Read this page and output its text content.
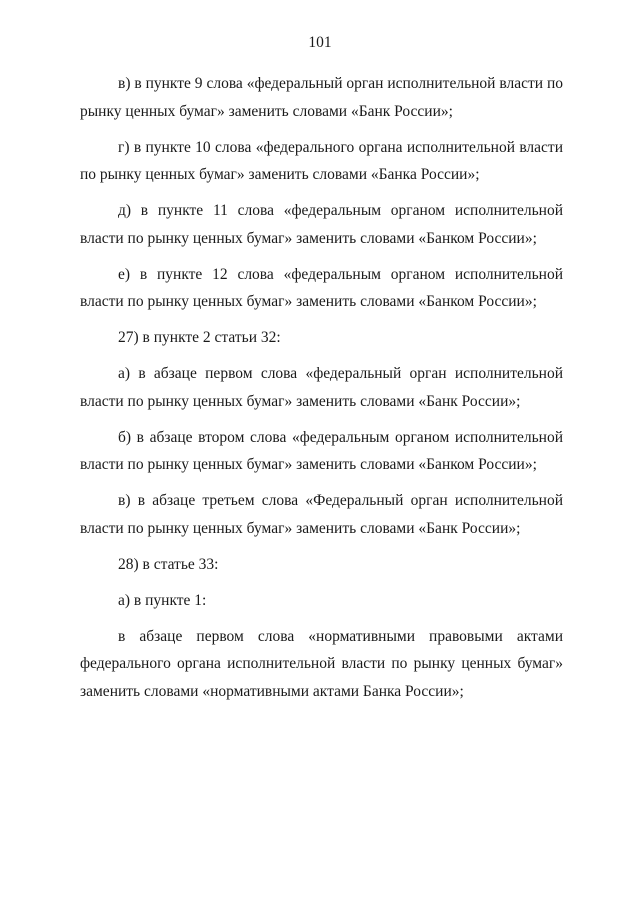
101

в) в пункте 9 слова «федеральный орган исполнительной власти по рынку ценных бумаг» заменить словами «Банк России»;

г) в пункте 10 слова «федерального органа исполнительной власти по рынку ценных бумаг» заменить словами «Банка России»;

д) в пункте 11 слова «федеральным органом исполнительной власти по рынку ценных бумаг» заменить словами «Банком России»;

е) в пункте 12 слова «федеральным органом исполнительной власти по рынку ценных бумаг» заменить словами «Банком России»;

27) в пункте 2 статьи 32:

а) в абзаце первом слова «федеральный орган исполнительной власти по рынку ценных бумаг» заменить словами «Банк России»;

б) в абзаце втором слова «федеральным органом исполнительной власти по рынку ценных бумаг» заменить словами «Банком России»;

в) в абзаце третьем слова «Федеральный орган исполнительной власти по рынку ценных бумаг» заменить словами «Банк России»;

28) в статье 33:

а) в пункте 1:

в абзаце первом слова «нормативными правовыми актами федерального органа исполнительной власти по рынку ценных бумаг» заменить словами «нормативными актами Банка России»;
